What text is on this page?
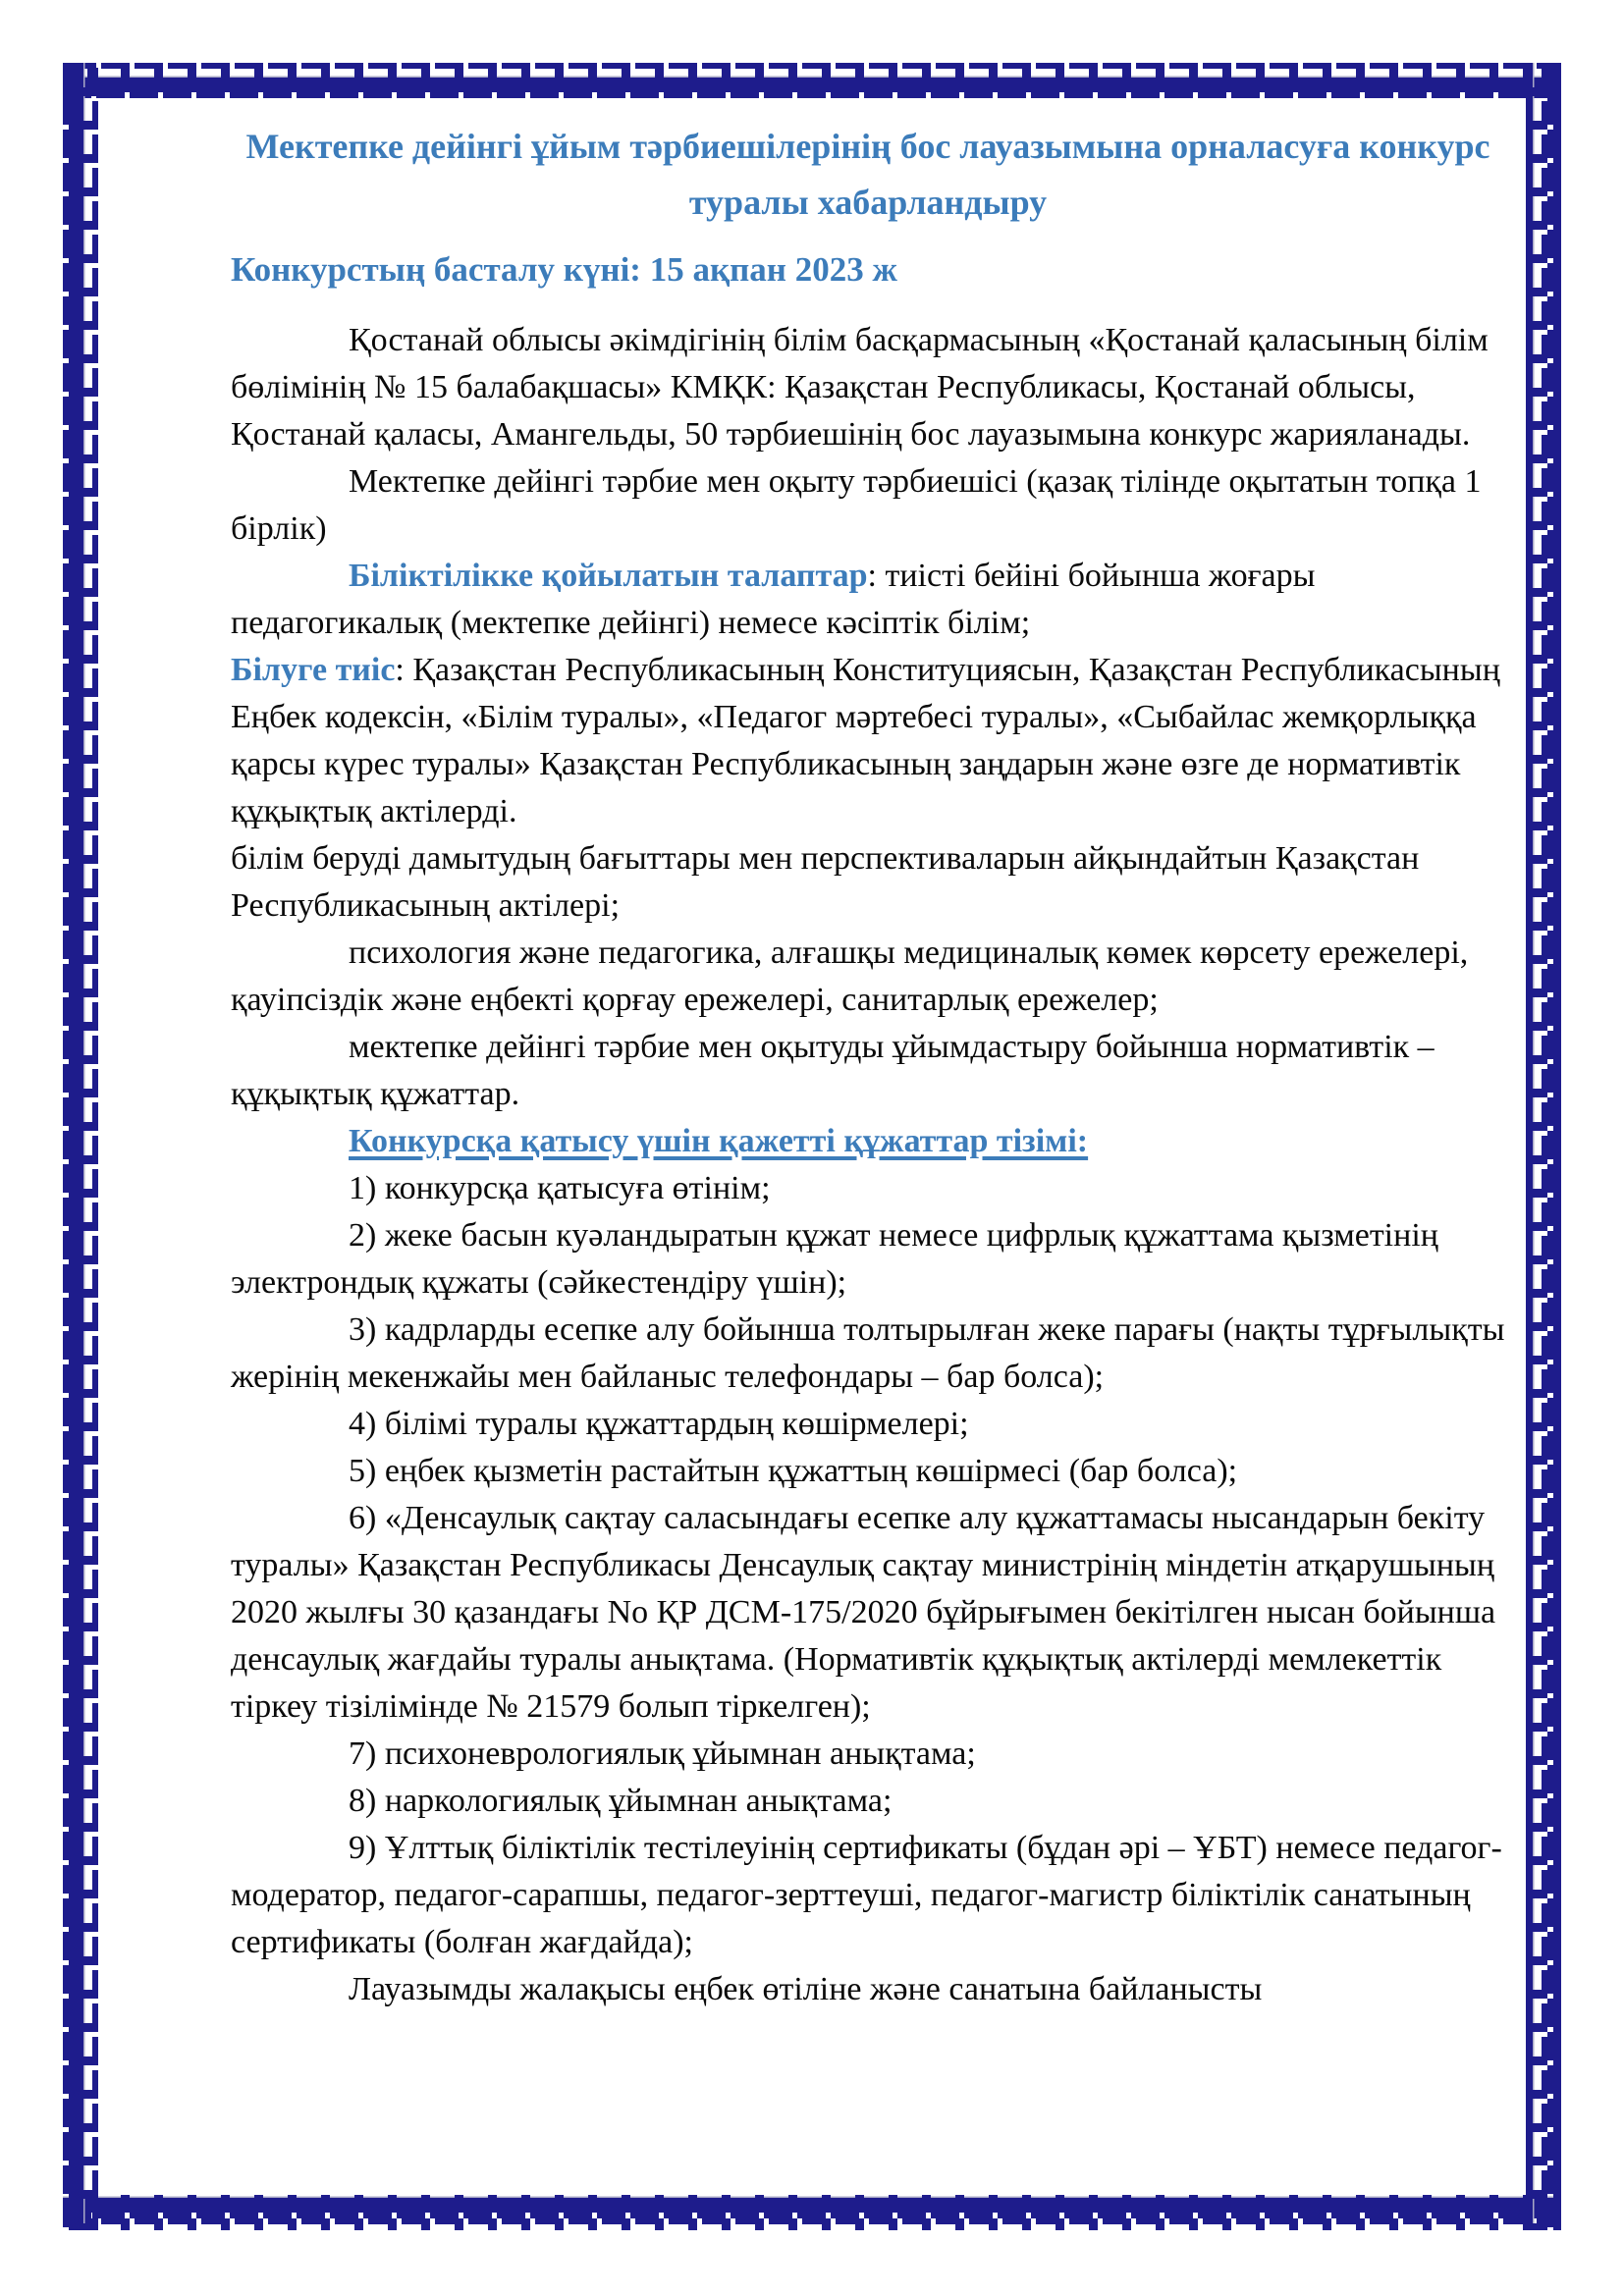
Мектепке дейінгі ұйым тәрбиешілерінің бос лауазымына орналасуға конкурс туралы хабарландыру
Конкурстың басталу күні: 15 ақпан 2023 ж

Қостанай облысы әкімдігінің білім басқармасының «Қостанай қаласының білім бөлімінің № 15 балабақшасы» КМҚК: Қазақстан Республикасы, Қостанай облысы, Қостанай қаласы, Амангельды, 50 тәрбиешінің бос лауазымына конкурс жарияланады.

Мектепке дейінгі тәрбие мен оқыту тәрбиешісі (қазақ тілінде оқытатын топқа 1 бірлік)

Біліктілікке қойылатын талаптар: тиісті бейіні бойынша жоғары педагогикалық (мектепке дейінгі) немесе кәсіптік білім;

Білуге тиіс: Қазақстан Республикасының Конституциясын, Қазақстан Республикасының Еңбек кодексін, «Білім туралы», «Педагог мәртебесі туралы», «Сыбайлас жемқорлыққа қарсы күрес туралы» Қазақстан Республикасының заңдарын және өзге де нормативтік құқықтық актілерді.

білім беруді дамытудың бағыттары мен перспективаларын айқындайтын Қазақстан Республикасының актілері;

психология және педагогика, алғашқы медициналық көмек көрсету ережелері, қауіпсіздік және еңбекті қорғау ережелері, санитарлық ережелер;

мектепке дейінгі тәрбие мен оқытуды ұйымдастыру бойынша нормативтік – құқықтық құжаттар.

Конкурсқа қатысу үшін қажетті құжаттар тізімі:

1) конкурсқа қатысуға өтінім;

2) жеке басын куәландыратын құжат немесе цифрлық құжаттама қызметінің электрондық құжаты (сәйкестендіру үшін);

3) кадрларды есепке алу бойынша толтырылған жеке парағы (нақты тұрғылықты жерінің мекенжайы мен байланыс телефондары – бар болса);

4) білімі туралы құжаттардың көшірмелері;

5) еңбек қызметін растайтын құжаттың көшірмесі (бар болса);

6) «Денсаулық сақтау саласындағы есепке алу құжаттамасы нысандарын бекіту туралы» Қазақстан Республикасы Денсаулық сақтау министрінің міндетін атқарушының 2020 жылғы 30 қазандағы No ҚР ДСМ-175/2020 бұйрығымен бекітілген нысан бойынша денсаулық жағдайы туралы анықтама. (Нормативтік құқықтық актілерді мемлекеттік тіркеу тізілімінде № 21579 болып тіркелген);

7) психоневрологиялық ұйымнан анықтама;

8) наркологиялық ұйымнан анықтама;

9) Ұлттық біліктілік тестілеуінің сертификаты (бұдан әрі – ҰБТ) немесе педагог-модератор, педагог-сарапшы, педагог-зерттеуші, педагог-магистр біліктілік санатының сертификаты (болған жағдайда);

Лауазымды жалақысы еңбек өтіліне және санатына байланысты
